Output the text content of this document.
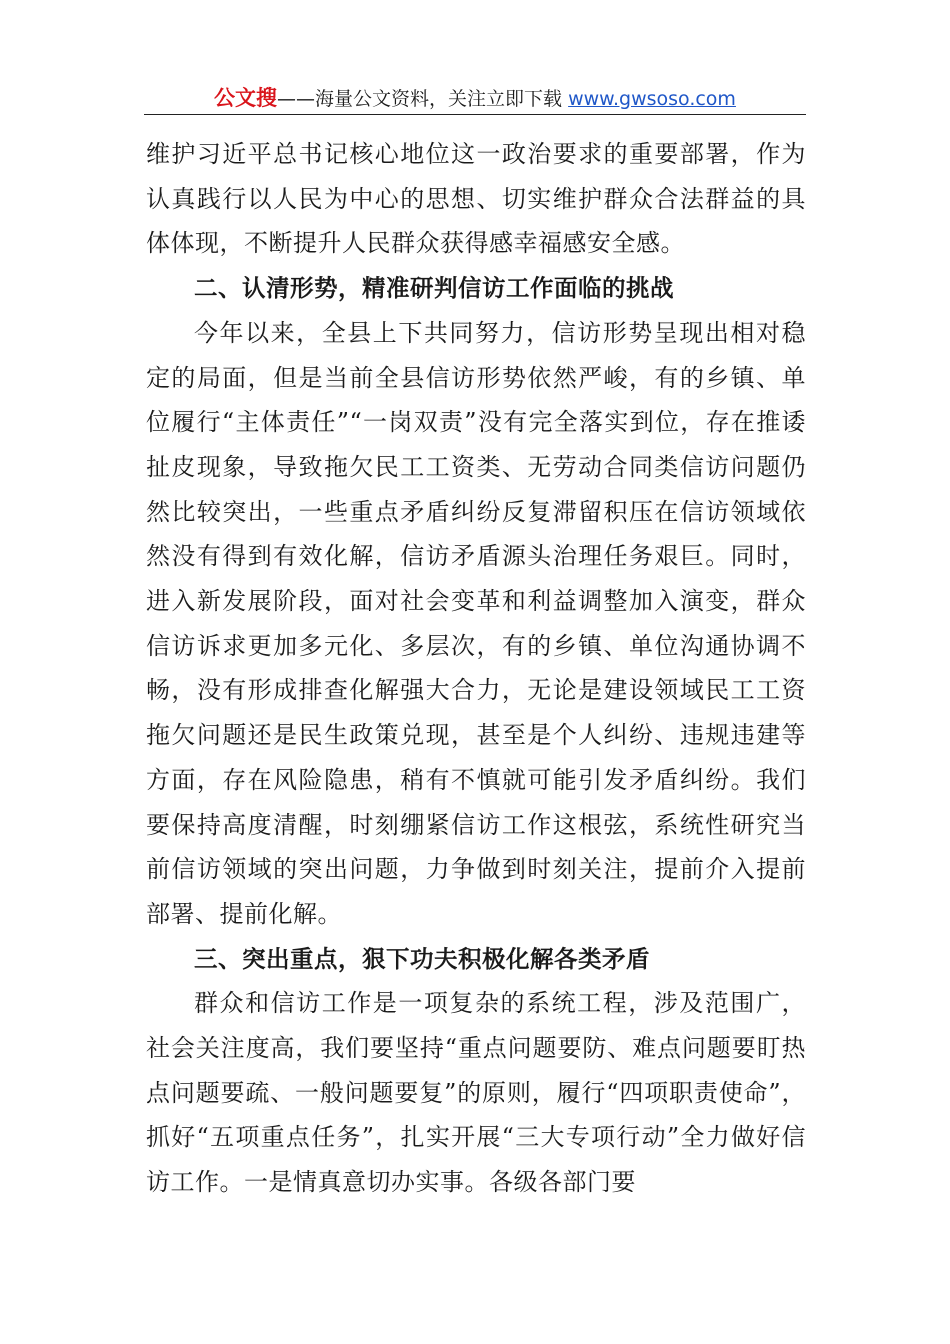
公文搜——海量公文资料，关注立即下载 www.gwsoso.com

维护习近平总书记核心地位这一政治要求的重要部署，作为认真践行以人民为中心的思想、切实维护群众合法群益的具体体现，不断提升人民群众获得感幸福感安全感。

二、认清形势，精准研判信访工作面临的挑战

今年以来，全县上下共同努力，信访形势呈现出相对稳定的局面，但是当前全县信访形势依然严峻，有的乡镇、单位履行“主体责任”“一岗双责”没有完全落实到位，存在推诿扯皮现象，导致拖欠民工工资类、无劳动合同类信访问题仍然比较突出，一些重点矛盾纠纷反复滞留积压在信访领域依然没有得到有效化解，信访矛盾源头治理任务艰巨。同时，进入新发展阶段，面对社会变革和利益调整加入演变，群众信访诉求更加多元化、多层次，有的乡镇、单位沟通协调不畅，没有形成排查化解强大合力，无论是建设领域民工工资拖欠问题还是民生政策兑现，甚至是个人纠纷、违规违建等方面，存在风险隐患，稍有不慎就可能引发矛盾纠纷。我们要保持高度清醒，时刻绷紧信访工作这根弦，系统性研究当前信访领域的突出问题，力争做到时刻关注，提前介入提前部署、提前化解。

三、突出重点，狠下功夫积极化解各类矛盾

群众和信访工作是一项复杂的系统工程，涉及范围广，社会关注度高，我们要坚持“重点问题要防、难点问题要盯热点问题要疏、一般问题要复”的原则，履行“四项职责使命”，抓好“五项重点任务”，扎实开展“三大专项行动”全力做好信访工作。一是情真意切办实事。各级各部门要
